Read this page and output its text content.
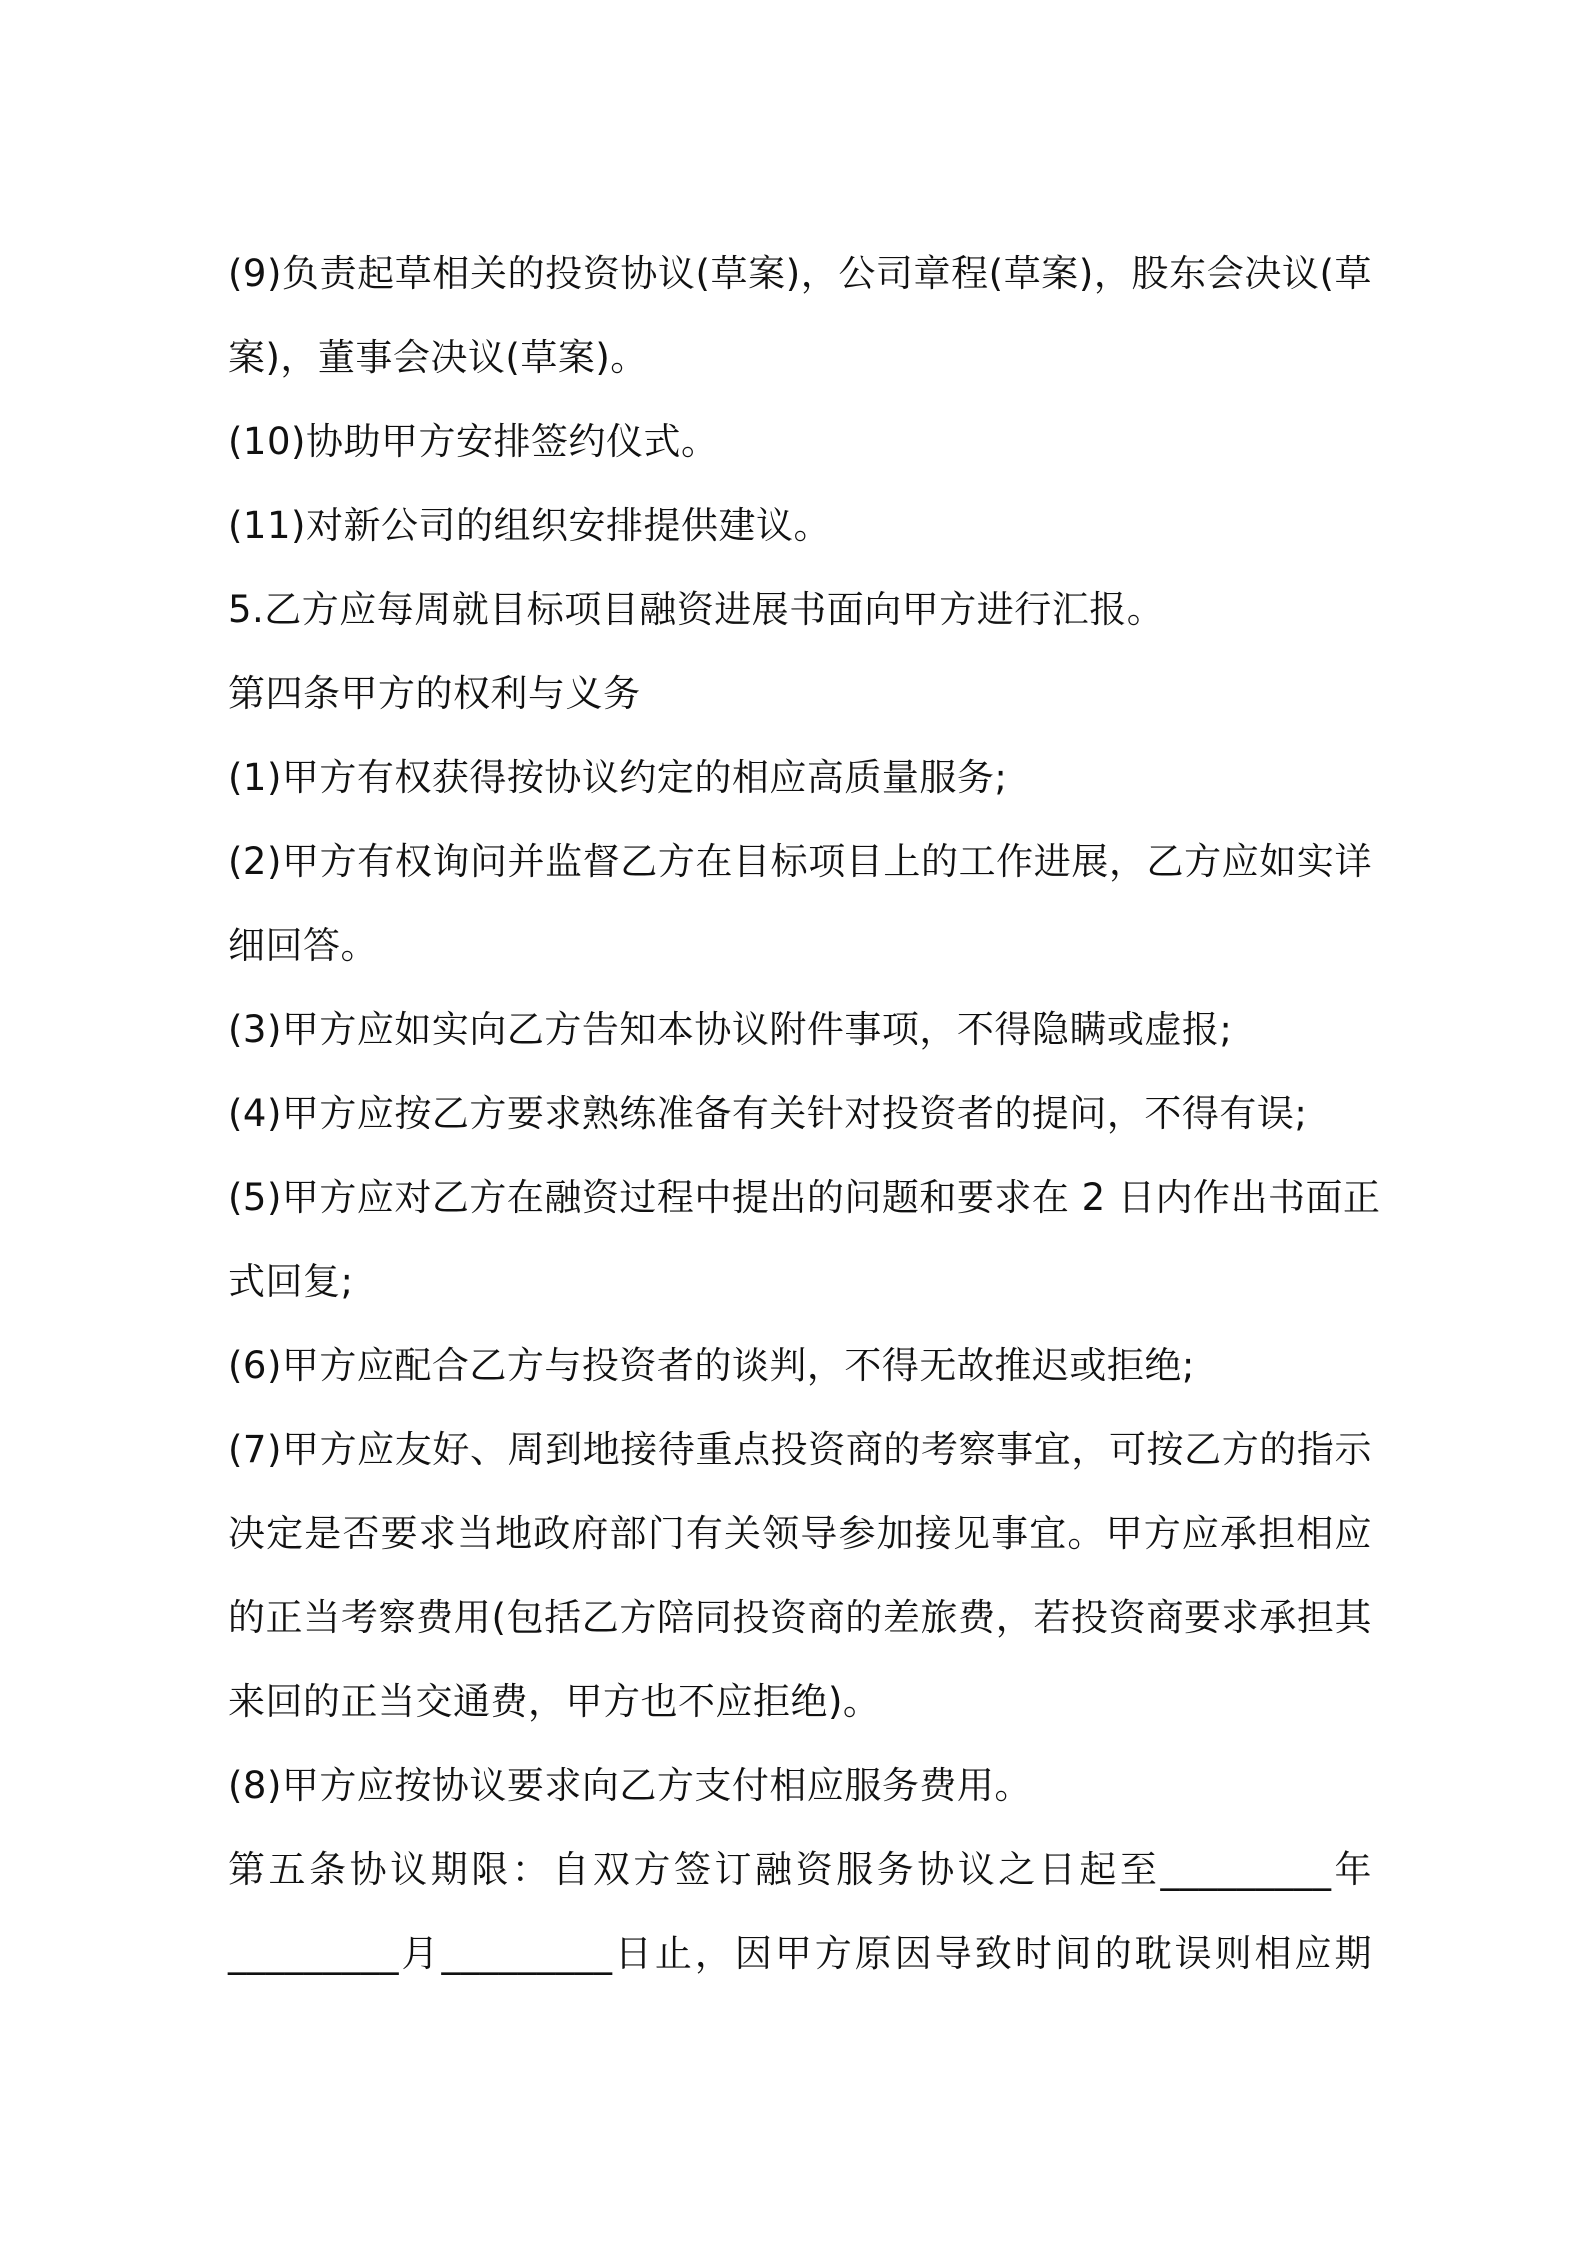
(9)负责起草相关的投资协议(草案)，公司章程(草案)，股东会决议(草
案)，董事会决议(草案)。
(10)协助甲方安排签约仪式。
(11)对新公司的组织安排提供建议。
5.乙方应每周就目标项目融资进展书面向甲方进行汇报。
第四条甲方的权利与义务
(1)甲方有权获得按协议约定的相应高质量服务;
(2)甲方有权询问并监督乙方在目标项目上的工作进展，乙方应如实详
细回答。
(3)甲方应如实向乙方告知本协议附件事项，不得隐瞒或虚报;
(4)甲方应按乙方要求熟练准备有关针对投资者的提问，不得有误;
(5)甲方应对乙方在融资过程中提出的问题和要求在 2 日内作出书面正
式回复;
(6)甲方应配合乙方与投资者的谈判，不得无故推迟或拒绝;
(7)甲方应友好、周到地接待重点投资商的考察事宜，可按乙方的指示
决定是否要求当地政府部门有关领导参加接见事宜。甲方应承担相应
的正当考察费用(包括乙方陪同投资商的差旅费，若投资商要求承担其
来回的正当交通费，甲方也不应拒绝)。
(8)甲方应按协议要求向乙方支付相应服务费用。
第五条协议期限：自双方签订融资服务协议之日起至_________年
_________月_________日止，因甲方原因导致时间的耽误则相应期
